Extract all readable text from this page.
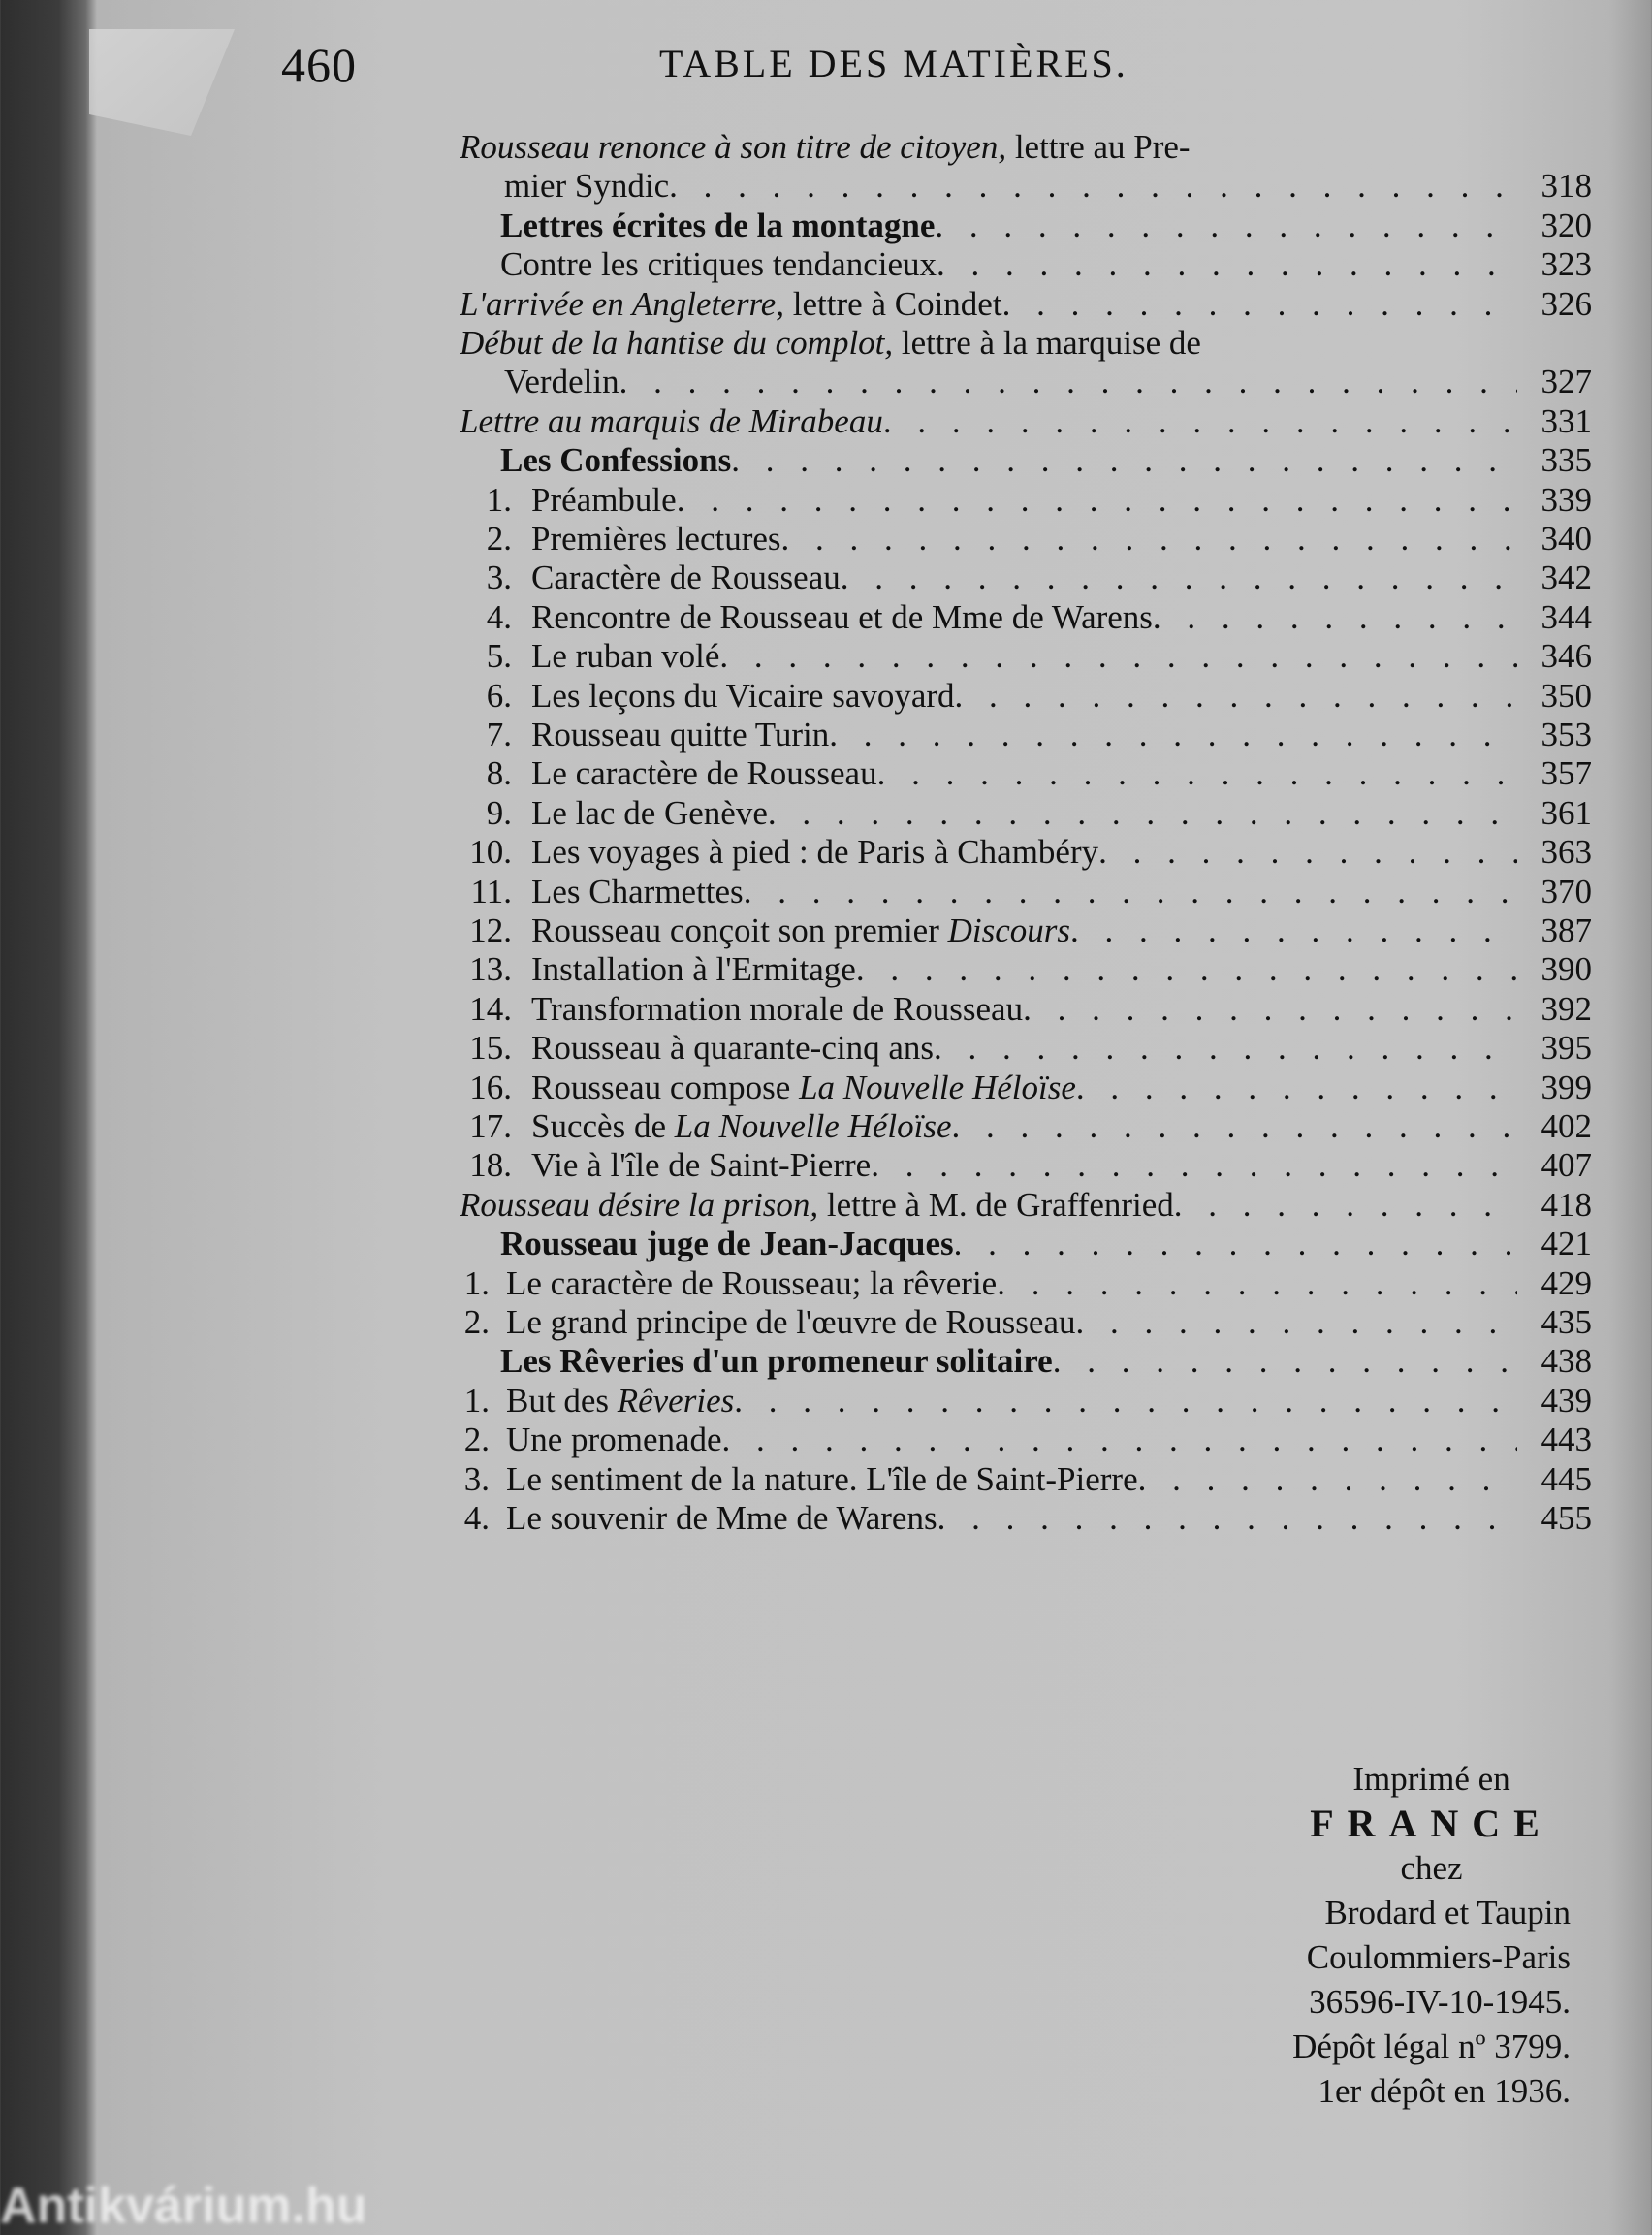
460	TABLE DES MATIÈRES.
Rousseau renonce à son titre de citoyen, lettre au Pre-
mier Syndic . . .	318
Lettres écrites de la montagne . . .	320
Contre les critiques tendancieux . . .	323
L'arrivée en Angleterre, lettre à Coindet . . .	326
Début de la hantise du complot, lettre à la marquise de
Verdelin . . .	327
Lettre au marquis de Mirabeau . . .	331
Les Confessions . . .	335
1. Préambule . . .	339
2. Premières lectures . . .	340
3. Caractère de Rousseau . . .	342
4. Rencontre de Rousseau et de Mme de Warens . . .	344
5. Le ruban volé . . .	346
6. Les leçons du Vicaire savoyard . . .	350
7. Rousseau quitte Turin . . .	353
8. Le caractère de Rousseau . . .	357
9. Le lac de Genève . . .	361
10. Les voyages à pied : de Paris à Chambéry . . .	363
11. Les Charmettes . . .	370
12. Rousseau conçoit son premier Discours . . .	387
13. Installation à l'Ermitage . . .	390
14. Transformation morale de Rousseau . . .	392
15. Rousseau à quarante-cinq ans . . .	395
16. Rousseau compose La Nouvelle Héloïse . . .	399
17. Succès de La Nouvelle Héloïse . . .	402
18. Vie à l'île de Saint-Pierre . . .	407
Rousseau désire la prison, lettre à M. de Graffenried . . .	418
Rousseau juge de Jean-Jacques . . .	421
1. Le caractère de Rousseau; la rêverie . . .	429
2. Le grand principe de l'œuvre de Rousseau . . .	435
Les Rêveries d'un promeneur solitaire . . .	438
1. But des Rêveries . . .	439
2. Une promenade . . .	443
3. Le sentiment de la nature. L'île de Saint-Pierre . . .	445
4. Le souvenir de Mme de Warens . . .	455
Imprimé en
FRANCE
chez
Brodard et Taupin
Coulommiers-Paris
36596-IV-10-1945.
Dépôt légal nº 3799.
1er dépôt en 1936.
Antikvárium.hu
